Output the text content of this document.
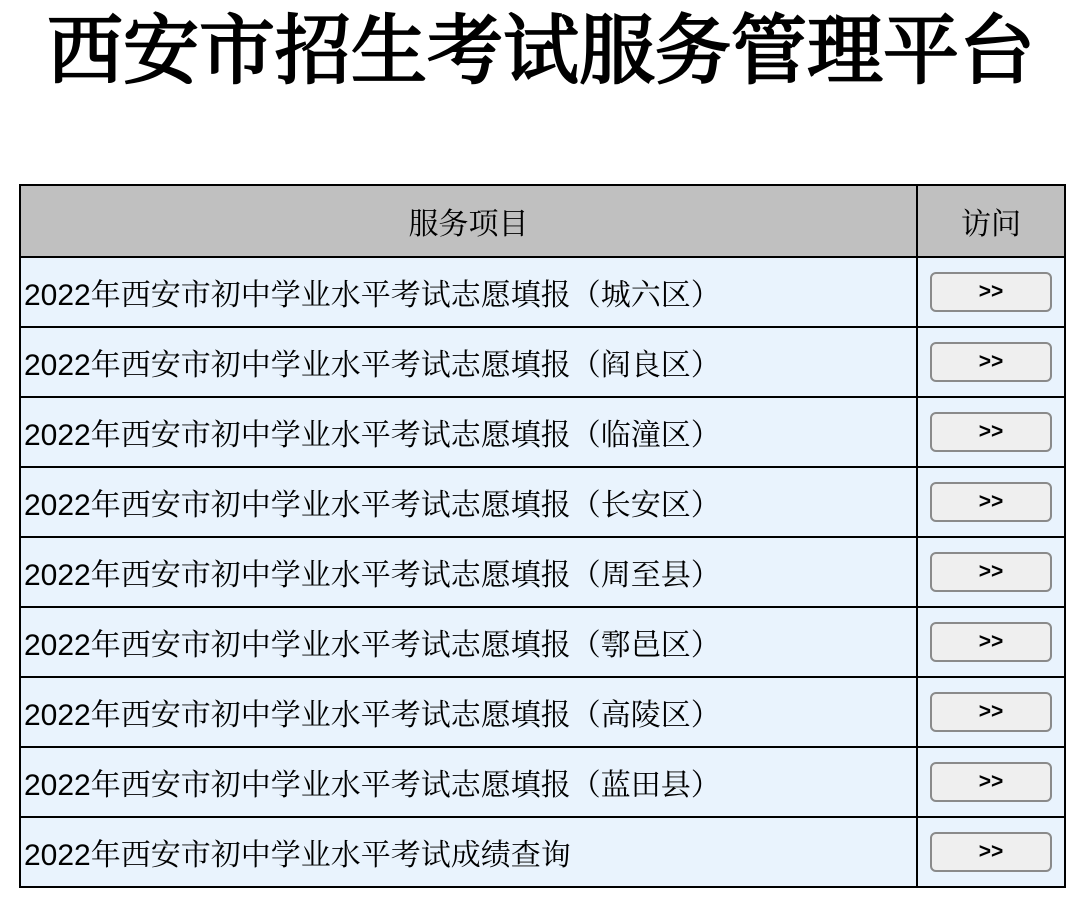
西安市招生考试服务管理平台
服务项目	访问
2022年西安市初中学业水平考试志愿填报（城六区）	>>
2022年西安市初中学业水平考试志愿填报（阎良区）	>>
2022年西安市初中学业水平考试志愿填报（临潼区）	>>
2022年西安市初中学业水平考试志愿填报（长安区）	>>
2022年西安市初中学业水平考试志愿填报（周至县）	>>
2022年西安市初中学业水平考试志愿填报（鄠邑区）	>>
2022年西安市初中学业水平考试志愿填报（高陵区）	>>
2022年西安市初中学业水平考试志愿填报（蓝田县）	>>
2022年西安市初中学业水平考试成绩查询	>>
